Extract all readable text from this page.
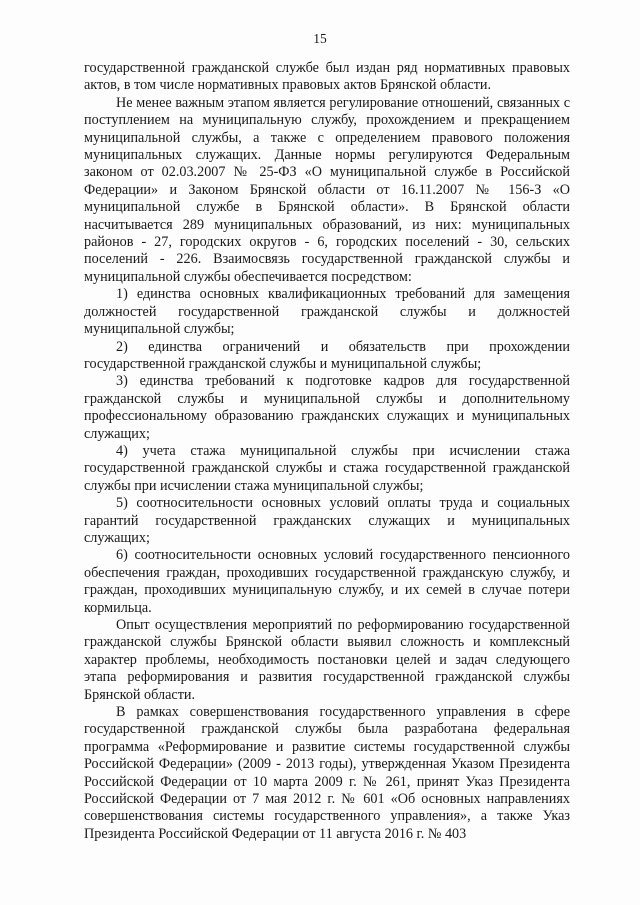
15

государственной гражданской службе был издан ряд нормативных правовых актов, в том числе нормативных правовых актов Брянской области.

Не менее важным этапом является регулирование отношений, связанных с поступлением на муниципальную службу, прохождением и прекращением муниципальной службы, а также с определением правового положения муниципальных служащих. Данные нормы регулируются Федеральным законом от 02.03.2007 № 25-ФЗ «О муниципальной службе в Российской Федерации» и Законом Брянской области от 16.11.2007 № 156-З «О муниципальной службе в Брянской области». В Брянской области насчитывается 289 муниципальных образований, из них: муниципальных районов - 27, городских округов - 6, городских поселений - 30, сельских поселений - 226. Взаимосвязь государственной гражданской службы и муниципальной службы обеспечивается посредством:

1) единства основных квалификационных требований для замещения должностей государственной гражданской службы и должностей муниципальной службы;

2) единства ограничений и обязательств при прохождении государственной гражданской службы и муниципальной службы;

3) единства требований к подготовке кадров для государственной гражданской службы и муниципальной службы и дополнительному профессиональному образованию гражданских служащих и муниципальных служащих;

4) учета стажа муниципальной службы при исчислении стажа государственной гражданской службы и стажа государственной гражданской службы при исчислении стажа муниципальной службы;

5) соотносительности основных условий оплаты труда и социальных гарантий государственной гражданских служащих и муниципальных служащих;

6) соотносительности основных условий государственного пенсионного обеспечения граждан, проходивших государственной гражданскую службу, и граждан, проходивших муниципальную службу, и их семей в случае потери кормильца.

Опыт осуществления мероприятий по реформированию государственной гражданской службы Брянской области выявил сложность и комплексный характер проблемы, необходимость постановки целей и задач следующего этапа реформирования и развития государственной гражданской службы Брянской области.

В рамках совершенствования государственного управления в сфере государственной гражданской службы была разработана федеральная программа «Реформирование и развитие системы государственной службы Российской Федерации» (2009 - 2013 годы), утвержденная Указом Президента Российской Федерации от 10 марта 2009 г. № 261, принят Указ Президента Российской Федерации от 7 мая 2012 г. № 601 «Об основных направлениях совершенствования системы государственного управления», а также Указ Президента Российской Федерации от 11 августа 2016 г. № 403
